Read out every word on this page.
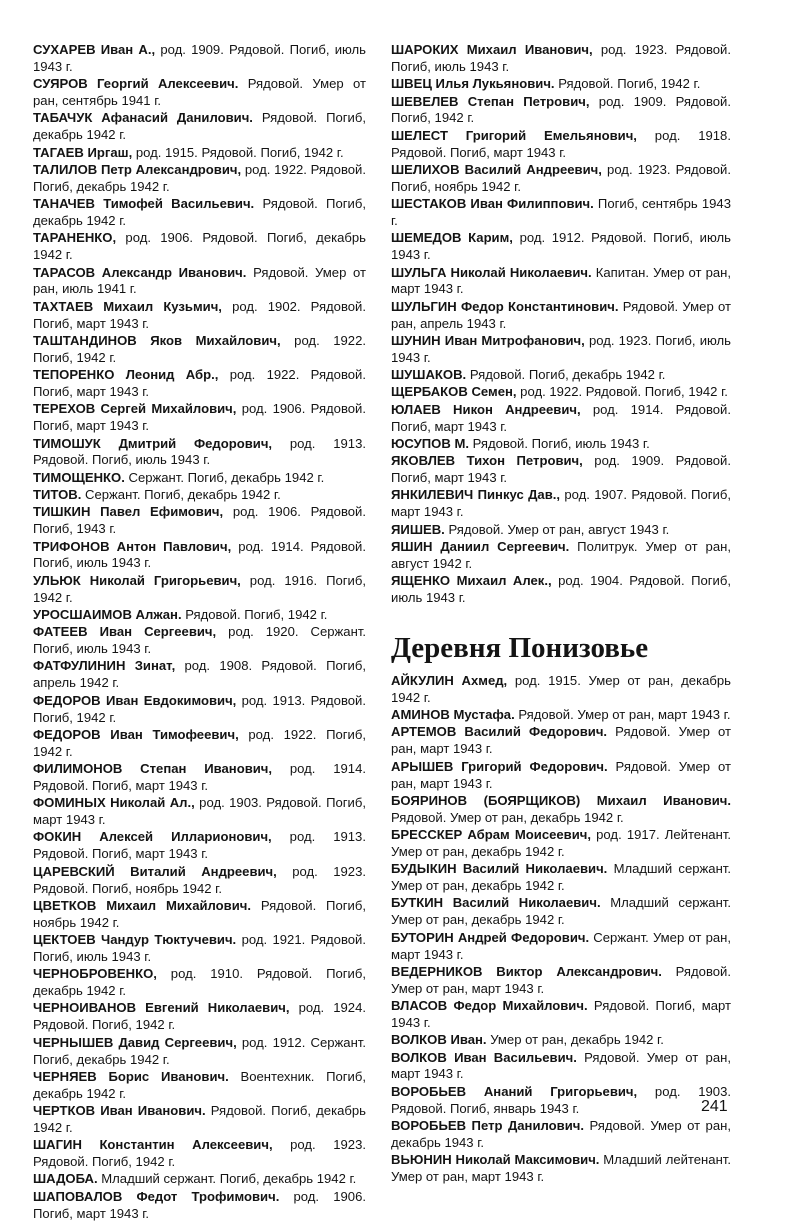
СУХАРЕВ Иван А., род. 1909. Рядовой. Погиб, июль 1943 г.
СУЯРОВ Георгий Алексеевич. Рядовой. Умер от ран, сентябрь 1941 г.
ТАБАЧУК Афанасий Данилович. Рядовой. Погиб, декабрь 1942 г.
ТАГАЕВ Иргаш, род. 1915. Рядовой. Погиб, 1942 г.
ТАЛИЛОВ Петр Александрович, род. 1922. Рядовой. Погиб, декабрь 1942 г.
ТАНАЧЕВ Тимофей Васильевич. Рядовой. Погиб, декабрь 1942 г.
ТАРАНЕНКО, род. 1906. Рядовой. Погиб, декабрь 1942 г.
ТАРАСОВ Александр Иванович. Рядовой. Умер от ран, июль 1941 г.
ТАХТАЕВ Михаил Кузьмич, род. 1902. Рядовой. Погиб, март 1943 г.
ТАШТАНДИНОВ Яков Михайлович, род. 1922. Погиб, 1942 г.
ТЕПОРЕНКО Леонид Абр., род. 1922. Рядовой. Погиб, март 1943 г.
ТЕРЕХОВ Сергей Михайлович, род. 1906. Рядовой. Погиб, март 1943 г.
ТИМОШУК Дмитрий Федорович, род. 1913. Рядовой. Погиб, июль 1943 г.
ТИМОЩЕНКО. Сержант. Погиб, декабрь 1942 г.
ТИТОВ. Сержант. Погиб, декабрь 1942 г.
ТИШКИН Павел Ефимович, род. 1906. Рядовой. Погиб, 1943 г.
ТРИФОНОВ Антон Павлович, род. 1914. Рядовой. Погиб, июль 1943 г.
УЛЬЮК Николай Григорьевич, род. 1916. Погиб, 1942 г.
УРОСШАИМОВ Алжан. Рядовой. Погиб, 1942 г.
ФАТЕЕВ Иван Сергеевич, род. 1920. Сержант. Погиб, июль 1943 г.
ФАТФУЛИНИН Зинат, род. 1908. Рядовой. Погиб, апрель 1942 г.
ФЕДОРОВ Иван Евдокимович, род. 1913. Рядовой. Погиб, 1942 г.
ФЕДОРОВ Иван Тимофеевич, род. 1922. Погиб, 1942 г.
ФИЛИМОНОВ Степан Иванович, род. 1914. Рядовой. Погиб, март 1943 г.
ФОМИНЫХ Николай Ал., род. 1903. Рядовой. Погиб, март 1943 г.
ФОКИН Алексей Илларионович, род. 1913. Рядовой. Погиб, март 1943 г.
ЦАРЕВСКИЙ Виталий Андреевич, род. 1923. Рядовой. Погиб, ноябрь 1942 г.
ЦВЕТКОВ Михаил Михайлович. Рядовой. Погиб, ноябрь 1942 г.
ЦЕКТОЕВ Чандур Тюктучевич. род. 1921. Рядовой. Погиб, июль 1943 г.
ЧЕРНОБРОВЕНКО, род. 1910. Рядовой. Погиб, декабрь 1942 г.
ЧЕРНОИВАНОВ Евгений Николаевич, род. 1924. Рядовой. Погиб, 1942 г.
ЧЕРНЫШЕВ Давид Сергеевич, род. 1912. Сержант. Погиб, декабрь 1942 г.
ЧЕРНЯЕВ Борис Иванович. Воентехник. Погиб, декабрь 1942 г.
ЧЕРТКОВ Иван Иванович. Рядовой. Погиб, декабрь 1942 г.
ШАГИН Константин Алексеевич, род. 1923. Рядовой. Погиб, 1942 г.
ШАДОБА. Младший сержант. Погиб, декабрь 1942 г.
ШАПОВАЛОВ Федот Трофимович. род. 1906. Погиб, март 1943 г.
ШАРОКИХ Михаил Иванович, род. 1923. Рядовой. Погиб, июль 1943 г.
ШВЕЦ Илья Лукьянович. Рядовой. Погиб, 1942 г.
ШЕВЕЛЕВ Степан Петрович, род. 1909. Рядовой. Погиб, 1942 г.
ШЕЛЕСТ Григорий Емельянович, род. 1918. Рядовой. Погиб, март 1943 г.
ШЕЛИХОВ Василий Андреевич, род. 1923. Рядовой. Погиб, ноябрь 1942 г.
ШЕСТАКОВ Иван Филиппович. Погиб, сентябрь 1943 г.
ШЕМЕДОВ Карим, род. 1912. Рядовой. Погиб, июль 1943 г.
ШУЛЬГА Николай Николаевич. Капитан. Умер от ран, март 1943 г.
ШУЛЬГИН Федор Константинович. Рядовой. Умер от ран, апрель 1943 г.
ШУНИН Иван Митрофанович, род. 1923. Погиб, июль 1943 г.
ШУШАКОВ. Рядовой. Погиб, декабрь 1942 г.
ЩЕРБАКОВ Семен, род. 1922. Рядовой. Погиб, 1942 г.
ЮЛАЕВ Никон Андреевич, род. 1914. Рядовой. Погиб, март 1943 г.
ЮСУПОВ М. Рядовой. Погиб, июль 1943 г.
ЯКОВЛЕВ Тихон Петрович, род. 1909. Рядовой. Погиб, март 1943 г.
ЯНКИЛЕВИЧ Пинкус Дав., род. 1907. Рядовой. Погиб, март 1943 г.
ЯИШЕВ. Рядовой. Умер от ран, август 1943 г.
ЯШИН Даниил Сергеевич. Политрук. Умер от ран, август 1942 г.
ЯЩЕНКО Михаил Алек., род. 1904. Рядовой. Погиб, июль 1943 г.
Деревня Понизовье
АЙКУЛИН Ахмед, род. 1915. Умер от ран, декабрь 1942 г.
АМИНОВ Мустафа. Рядовой. Умер от ран, март 1943 г.
АРТЕМОВ Василий Федорович. Рядовой. Умер от ран, март 1943 г.
АРЫШЕВ Григорий Федорович. Рядовой. Умер от ран, март 1943 г.
БОЯРИНОВ (БОЯРЩИКОВ) Михаил Иванович. Рядовой. Умер от ран, декабрь 1942 г.
БРЕССКЕР Абрам Моисеевич, род. 1917. Лейтенант. Умер от ран, декабрь 1942 г.
БУДЫКИН Василий Николаевич. Младший сержант. Умер от ран, декабрь 1942 г.
БУТКИН Василий Николаевич. Младший сержант. Умер от ран, декабрь 1942 г.
БУТОРИН Андрей Федорович. Сержант. Умер от ран, март 1943 г.
ВЕДЕРНИКОВ Виктор Александрович. Рядовой. Умер от ран, март 1943 г.
ВЛАСОВ Федор Михайлович. Рядовой. Погиб, март 1943 г.
ВОЛКОВ Иван. Умер от ран, декабрь 1942 г.
ВОЛКОВ Иван Васильевич. Рядовой. Умер от ран, март 1943 г.
ВОРОБЬЕВ Ананий Григорьевич, род. 1903. Рядовой. Погиб, январь 1943 г.
ВОРОБЬЕВ Петр Данилович. Рядовой. Умер от ран, декабрь 1943 г.
ВЬЮНИН Николай Максимович. Младший лейтенант. Умер от ран, март 1943 г.
241
